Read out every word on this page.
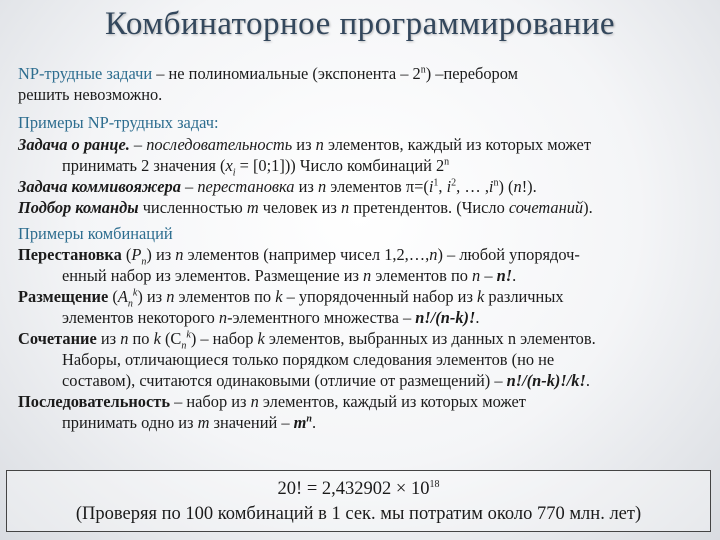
Комбинаторное программирование
NP-трудные задачи – не полиномиальные (экспонента – 2$^n$) –перебором
решить невозможно.
Примеры NP-трудных задач:
Задача о ранце. – последовательность из n элементов, каждый из которых может
принимать 2 значения ($x_i$ = [0;1])) Число комбинаций 2$^n$
Задача коммивояжера – перестановка из n элементов $\pi=(i^1$, $i^2$, … $,i^n$) (n!).
Подбор команды численностью m человек из n претендентов. (Число сочетаний).
Примеры комбинаций
Перестановка $(P_n)$ из n элементов (например чисел 1,2,…,n) – любой упорядоч-
енный набор из элементов. Размещение из n элементов по n – n!.
Размещение $(A_n^k)$ из n элементов по k – упорядоченный набор из k различных
элементов некоторого n-элементного множества – n!/(n-k)!.
Сочетание из n по k $(C_n^k)$ – набор k элементов, выбранных из данных n элементов.
Наборы, отличающиеся только порядком следования элементов (но не
составом), считаются одинаковыми (отличие от размещений) – n!/(n-k)!/k!.
Последовательность – набор из n элементов, каждый из которых может
принимать одно из m значений – $m^n$.
20! = $2,432902 \times 10^{18}$
(Проверяя по 100 комбинаций в 1 сек. мы потратим около 770 млн. лет)
